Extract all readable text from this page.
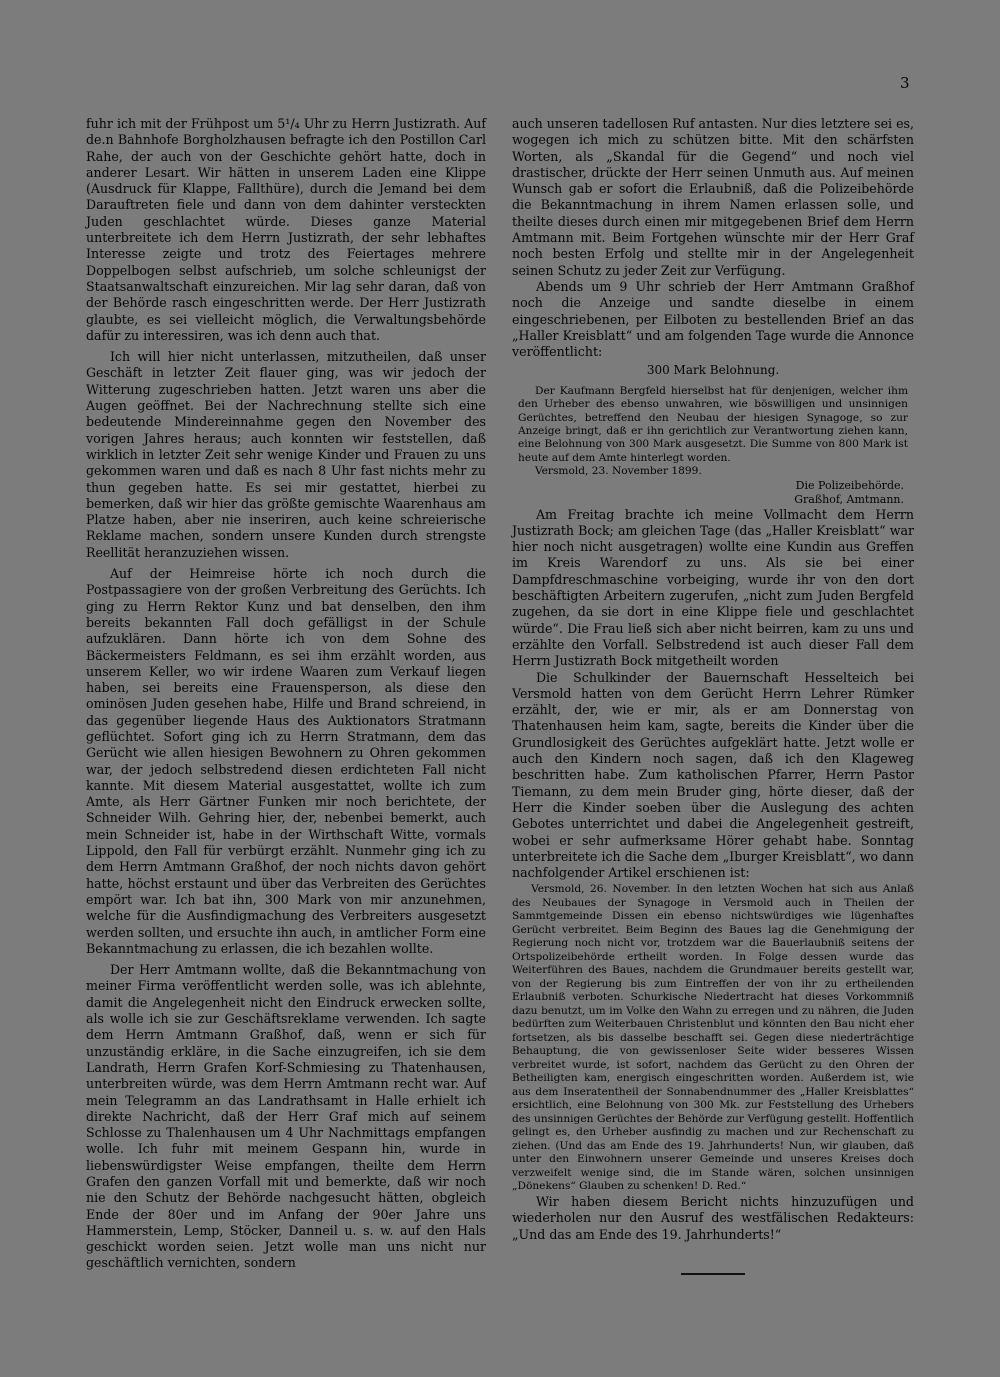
3

fuhr ich mit der Frühpost um 5¹/₄ Uhr zu Herrn Justizrath. Auf de.n Bahnhofe Borgholzhausen befragte ich den Postillon Carl Rahe, der auch von der Geschichte gehört hatte, doch in anderer Lesart. Wir hätten in unserem Laden eine Klippe (Ausdruck für Klappe, Fallthüre), durch die Jemand bei dem Darauftreten fiele und dann von dem dahinter versteckten Juden geschlachtet würde. Dieses ganze Material unterbreitete ich dem Herrn Justizrath, der sehr lebhaftes Interesse zeigte und trotz des Feiertages mehrere Doppelbogen selbst aufschrieb, um solche schleunigst der Staatsanwaltschaft einzureichen. Mir lag sehr daran, daß von der Behörde rasch eingeschritten werde. Der Herr Justizrath glaubte, es sei vielleicht möglich, die Verwaltungsbehörde dafür zu interessiren, was ich denn auch that.

Ich will hier nicht unterlassen, mitzutheilen, daß unser Geschäft in letzter Zeit flauer ging, was wir jedoch der Witterung zugeschrieben hatten. Jetzt waren uns aber die Augen geöffnet. Bei der Nachrechnung stellte sich eine bedeutende Mindereinnahme gegen den November des vorigen Jahres heraus; auch konnten wir feststellen, daß wirklich in letzter Zeit sehr wenige Kinder und Frauen zu uns gekommen waren und daß es nach 8 Uhr fast nichts mehr zu thun gegeben hatte. Es sei mir gestattet, hierbei zu bemerken, daß wir hier das größte gemischte Waarenhaus am Platze haben, aber nie inseriren, auch keine schreierische Reklame machen, sondern unsere Kunden durch strengste Reellität heranzuziehen wissen.

Auf der Heimreise hörte ich noch durch die Postpassagiere von der großen Verbreitung des Gerüchts. Ich ging zu Herrn Rektor Kunz und bat denselben, den ihm bereits bekannten Fall doch gefälligst in der Schule aufzuklären. Dann hörte ich von dem Sohne des Bäckermeisters Feldmann, es sei ihm erzählt worden, aus unserem Keller, wo wir irdene Waaren zum Verkauf liegen haben, sei bereits eine Frauensperson, als diese den ominösen Juden gesehen habe, Hilfe und Brand schreiend, in das gegenüber liegende Haus des Auktionators Stratmann geflüchtet. Sofort ging ich zu Herrn Stratmann, dem das Gerücht wie allen hiesigen Bewohnern zu Ohren gekommen war, der jedoch selbstredend diesen erdichteten Fall nicht kannte. Mit diesem Material ausgestattet, wollte ich zum Amte, als Herr Gärtner Funken mir noch berichtete, der Schneider Wilh. Gehring hier, der, nebenbei bemerkt, auch mein Schneider ist, habe in der Wirthschaft Witte, vormals Lippold, den Fall für verbürgt erzählt. Nunmehr ging ich zu dem Herrn Amtmann Graßhof, der noch nichts davon gehört hatte, höchst erstaunt und über das Verbreiten des Gerüchtes empört war. Ich bat ihn, 300 Mark von mir anzunehmen, welche für die Ausfindigmachung des Verbreiters ausgesetzt werden sollten, und ersuchte ihn auch, in amtlicher Form eine Bekanntmachung zu erlassen, die ich bezahlen wollte.

Der Herr Amtmann wollte, daß die Bekanntmachung von meiner Firma veröffentlicht werden solle, was ich ablehnte, damit die Angelegenheit nicht den Eindruck erwecken sollte, als wolle ich sie zur Geschäftsreklame verwenden. Ich sagte dem Herrn Amtmann Graßhof, daß, wenn er sich für unzuständig erkläre, in die Sache einzugreifen, ich sie dem Landrath, Herrn Grafen Korf-Schmiesing zu Thatenhausen, unterbreiten würde, was dem Herrn Amtmann recht war. Auf mein Telegramm an das Landrathsamt in Halle erhielt ich direkte Nachricht, daß der Herr Graf mich auf seinem Schlosse zu Thalenhausen um 4 Uhr Nachmittags empfangen wolle. Ich fuhr mit meinem Gespann hin, wurde in liebenswürdigster Weise empfangen, theilte dem Herrn Grafen den ganzen Vorfall mit und bemerkte, daß wir noch nie den Schutz der Behörde nachgesucht hätten, obgleich Ende der 80er und im Anfang der 90er Jahre uns Hammerstein, Lemp, Stöcker, Danneil u. s. w. auf den Hals geschickt worden seien. Jetzt wolle man uns nicht nur geschäftlich vernichten, sondern

auch unseren tadellosen Ruf antasten. Nur dies letztere sei es, wogegen ich mich zu schützen bitte. Mit den schärfsten Worten, als „Skandal für die Gegend“ und noch viel drastischer, drückte der Herr seinen Unmuth aus. Auf meinen Wunsch gab er sofort die Erlaubniß, daß die Polizeibehörde die Bekanntmachung in ihrem Namen erlassen solle, und theilte dieses durch einen mir mitgegebenen Brief dem Herrn Amtmann mit. Beim Fortgehen wünschte mir der Herr Graf noch besten Erfolg und stellte mir in der Angelegenheit seinen Schutz zu jeder Zeit zur Verfügung.

Abends um 9 Uhr schrieb der Herr Amtmann Graßhof noch die Anzeige und sandte dieselbe in einem eingeschriebenen, per Eilboten zu bestellenden Brief an das „Haller Kreisblatt“ und am folgenden Tage wurde die Annonce veröffentlicht:

300 Mark Belohnung.

Der Kaufmann Bergfeld hierselbst hat für denjenigen, welcher ihm den Urheber des ebenso unwahren, wie böswilligen und unsinnigen Gerüchtes, betreffend den Neubau der hiesigen Synagoge, so zur Anzeige bringt, daß er ihn gerichtlich zur Verantwortung ziehen kann, eine Belohnung von 300 Mark ausgesetzt. Die Summe von 800 Mark ist heute auf dem Amte hinterlegt worden.

Versmold, 23. November 1899.

Die Polizeibehörde.
Graßhof, Amtmann.

Am Freitag brachte ich meine Vollmacht dem Herrn Justizrath Bock; am gleichen Tage (das „Haller Kreisblatt“ war hier noch nicht ausgetragen) wollte eine Kundin aus Greffen im Kreis Warendorf zu uns. Als sie bei einer Dampfdreschmaschine vorbeiging, wurde ihr von den dort beschäftigten Arbeitern zugerufen, „nicht zum Juden Bergfeld zugehen, da sie dort in eine Klippe fiele und geschlachtet würde“. Die Frau ließ sich aber nicht beirren, kam zu uns und erzählte den Vorfall. Selbstredend ist auch dieser Fall dem Herrn Justizrath Bock mitgetheilt worden

Die Schulkinder der Bauernschaft Hesselteich bei Versmold hatten von dem Gerücht Herrn Lehrer Rümker erzählt, der, wie er mir, als er am Donnerstag von Thatenhausen heim kam, sagte, bereits die Kinder über die Grundlosigkeit des Gerüchtes aufgeklärt hatte. Jetzt wolle er auch den Kindern noch sagen, daß ich den Klageweg beschritten habe. Zum katholischen Pfarrer, Herrn Pastor Tiemann, zu dem mein Bruder ging, hörte dieser, daß der Herr die Kinder soeben über die Auslegung des achten Gebotes unterrichtet und dabei die Angelegenheit gestreift, wobei er sehr aufmerksame Hörer gehabt habe. Sonntag unterbreitete ich die Sache dem „Iburger Kreisblatt“, wo dann nachfolgender Artikel erschienen ist:

Versmold, 26. November. In den letzten Wochen hat sich aus Anlaß des Neubaues der Synagoge in Versmold auch in Theilen der Sammtgemeinde Dissen ein ebenso nichtswürdiges wie lügenhaftes Gerücht verbreitet. Beim Beginn des Baues lag die Genehmigung der Regierung noch nicht vor, trotzdem war die Bauerlaubniß seitens der Ortspolizeibehörde ertheilt worden. In Folge dessen wurde das Weiterführen des Baues, nachdem die Grundmauer bereits gestellt war, von der Regierung bis zum Eintreffen der von ihr zu ertheilenden Erlaubniß verboten. Schurkische Niedertracht hat dieses Vorkommniß dazu benutzt, um im Volke den Wahn zu erregen und zu nähren, die Juden bedürften zum Weiterbauen Christenblut und könnten den Bau nicht eher fortsetzen, als bis dasselbe beschafft sei. Gegen diese niederträchtige Behauptung, die von gewissenloser Seite wider besseres Wissen verbreitet wurde, ist sofort, nachdem das Gerücht zu den Ohren der Betheiligten kam, energisch eingeschritten worden. Außerdem ist, wie aus dem Inseratentheil der Sonnabendnummer des „Haller Kreisblattes“ ersichtlich, eine Belohnung von 300 Mk. zur Feststellung des Urhebers des unsinnigen Gerüchtes der Behörde zur Verfügung gestellt. Hoffentlich gelingt es, den Urheber ausfindig zu machen und zur Rechenschaft zu ziehen. (Und das am Ende des 19. Jahrhunderts! Nun, wir glauben, daß unter den Einwohnern unserer Gemeinde und unseres Kreises doch verzweifelt wenige sind, die im Stande wären, solchen unsinnigen „Dönekens“ Glauben zu schenken! D. Red.“

Wir haben diesem Bericht nichts hinzuzufügen und wiederholen nur den Ausruf des westfälischen Redakteurs: „Und das am Ende des 19. Jahrhunderts!“
